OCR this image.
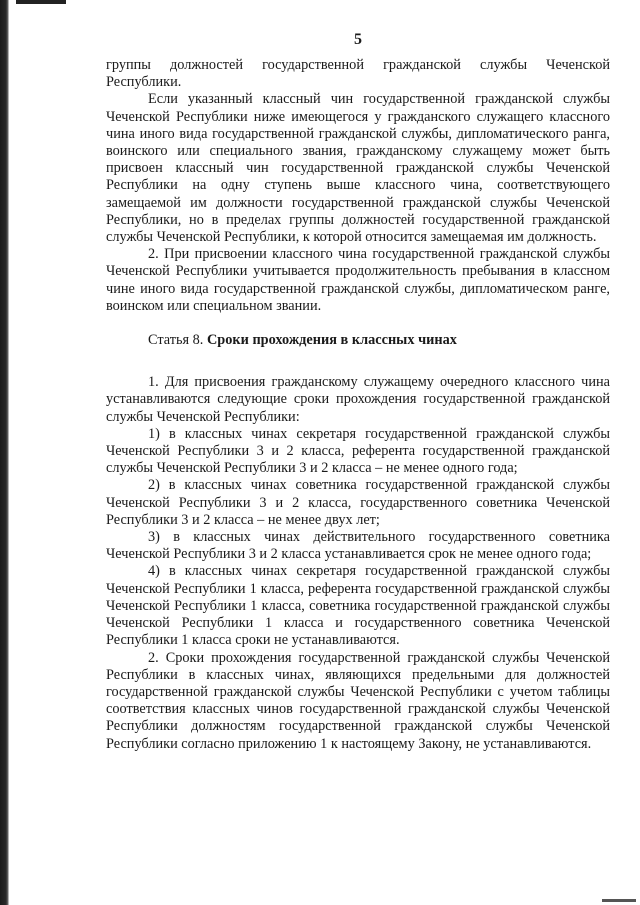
5

группы должностей государственной гражданской службы Чеченской Республики.

Если указанный классный чин государственной гражданской службы Чеченской Республики ниже имеющегося у гражданского служащего классного чина иного вида государственной гражданской службы, дипломатического ранга, воинского или специального звания, гражданскому служащему может быть присвоен классный чин государственной гражданской службы Чеченской Республики на одну ступень выше классного чина, соответствующего замещаемой им должности государственной гражданской службы Чеченской Республики, но в пределах группы должностей государственной гражданской службы Чеченской Республики, к которой относится замещаемая им должность.

2. При присвоении классного чина государственной гражданской службы Чеченской Республики учитывается продолжительность пребывания в классном чине иного вида государственной гражданской службы, дипломатическом ранге, воинском или специальном звании.

Статья 8. Сроки прохождения в классных чинах

1. Для присвоения гражданскому служащему очередного классного чина устанавливаются следующие сроки прохождения государственной гражданской службы Чеченской Республики:

1) в классных чинах секретаря государственной гражданской службы Чеченской Республики 3 и 2 класса, референта государственной гражданской службы Чеченской Республики 3 и 2 класса – не менее одного года;

2) в классных чинах советника государственной гражданской службы Чеченской Республики 3 и 2 класса, государственного советника Чеченской Республики 3 и 2 класса – не менее двух лет;

3) в классных чинах действительного государственного советника Чеченской Республики 3 и 2 класса устанавливается срок не менее одного года;

4) в классных чинах секретаря государственной гражданской службы Чеченской Республики 1 класса, референта государственной гражданской службы Чеченской Республики 1 класса, советника государственной гражданской службы Чеченской Республики 1 класса и государственного советника Чеченской Республики 1 класса сроки не устанавливаются.

2. Сроки прохождения государственной гражданской службы Чеченской Республики в классных чинах, являющихся предельными для должностей государственной гражданской службы Чеченской Республики с учетом таблицы соответствия классных чинов государственной гражданской службы Чеченской Республики должностям государственной гражданской службы Чеченской Республики согласно приложению 1 к настоящему Закону, не устанавливаются.
